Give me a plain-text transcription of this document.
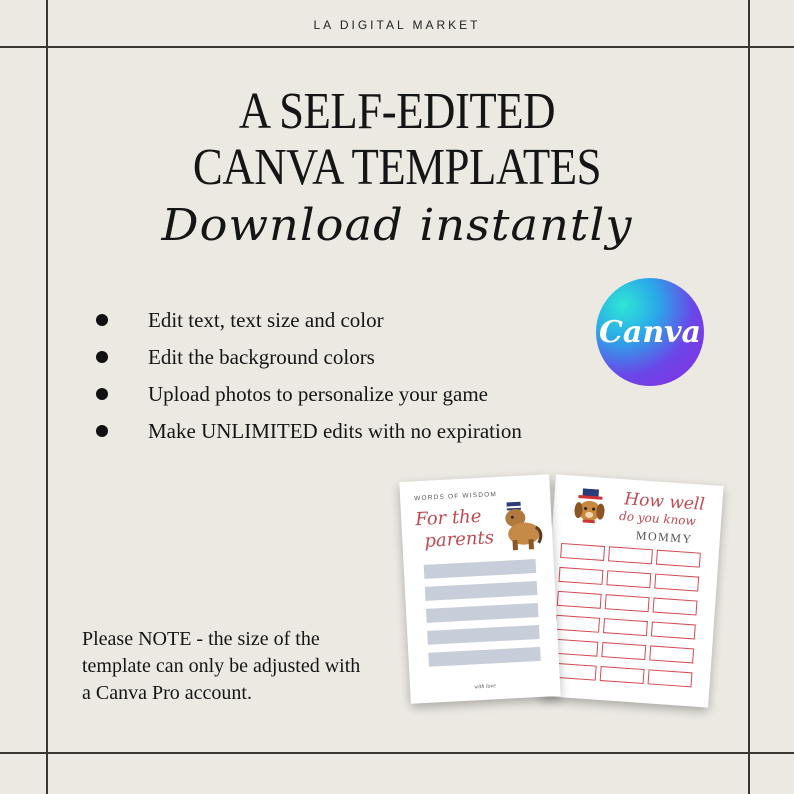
LA DIGITAL MARKET
A SELF-EDITED
CANVA TEMPLATES
Download instantly
Edit text, text size and color
Edit the background colors
Upload photos to personalize your game
Make UNLIMITED edits with no expiration
Canva
Please NOTE - the size of the template can only be adjusted with a Canva Pro account.
How well
do you know
MOMMY
WORDS OF WISDOM
For the
parents
with love
